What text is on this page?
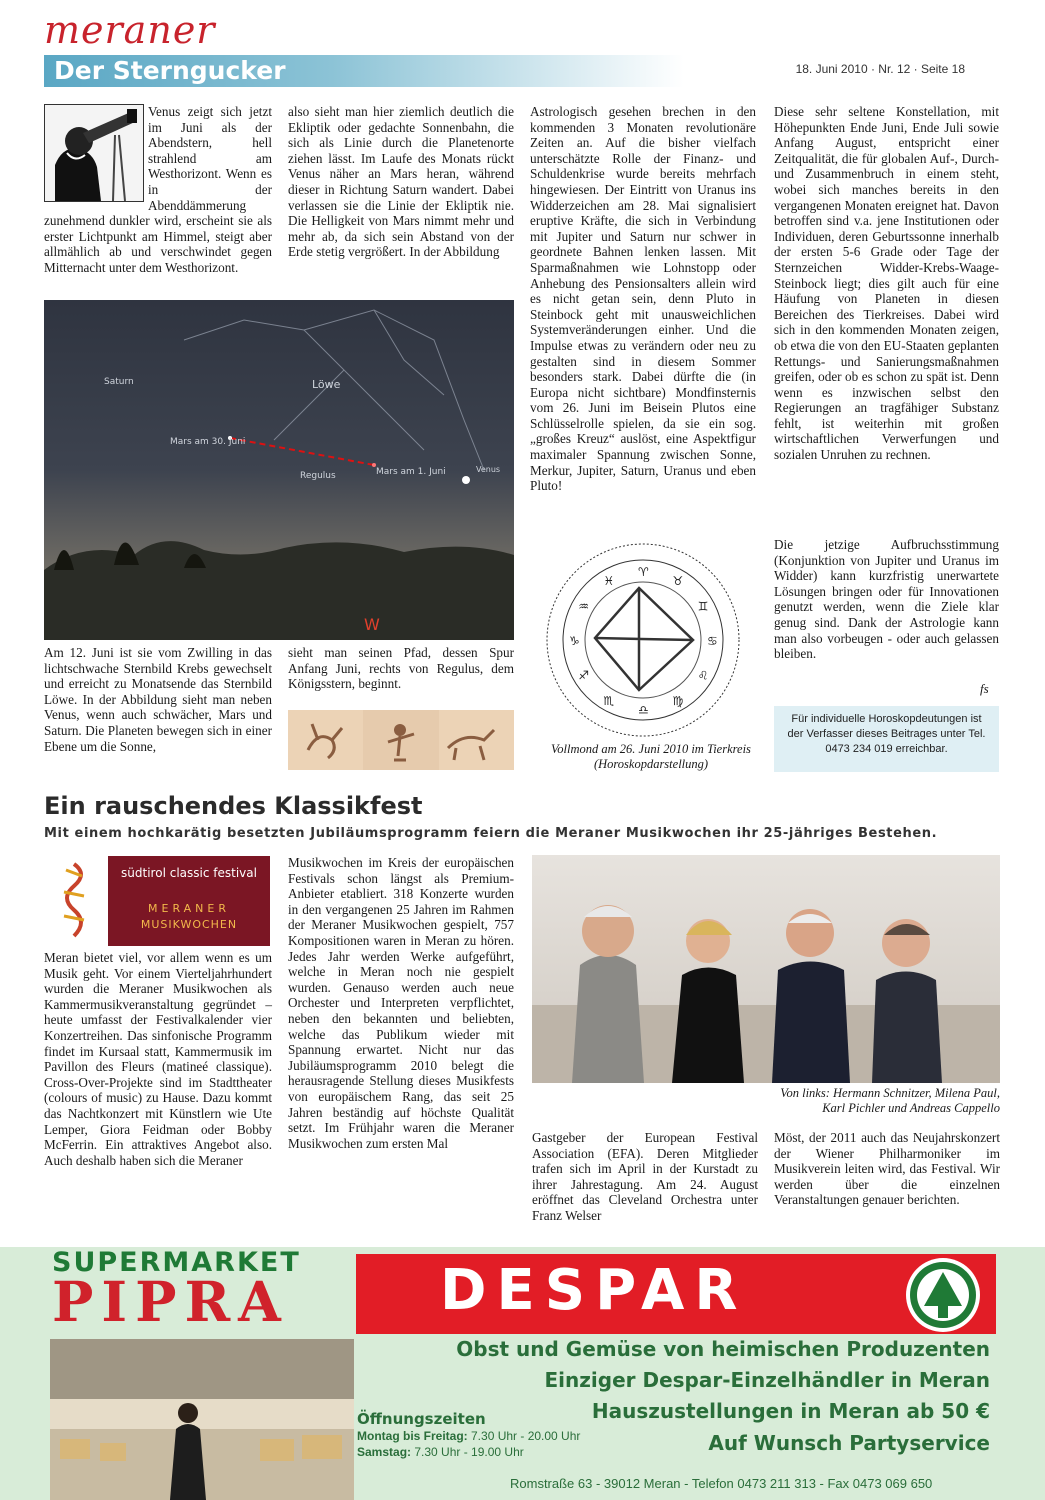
meraner
Der Sterngucker	18. Juni 2010 · Nr. 12 · Seite 18

Venus zeigt sich jetzt im Juni als der Abendstern, hell strahlend am Westhorizont. Wenn es in der Abenddämmerung zunehmend dunkler wird, erscheint sie als erster Lichtpunkt am Himmel, steigt aber allmählich ab und verschwindet gegen Mitternacht unter dem Westhorizont.

also sieht man hier ziemlich deutlich die Ekliptik oder gedachte Sonnenbahn, die sich als Linie durch die Planetenorte ziehen lässt. Im Laufe des Monats rückt Venus näher an Mars heran, während dieser in Richtung Saturn wandert. Dabei verlassen sie die Linie der Ekliptik nie. Die Helligkeit von Mars nimmt mehr und mehr ab, da sich sein Abstand von der Erde stetig vergrößert. In der Abbildung
Saturn	Löwe
Mars am 30. Juni
Regulus	Mars am 1. Juni	Venus
W
Am 12. Juni ist sie vom Zwilling in das lichtschwache Sternbild Krebs gewechselt und erreicht zu Monatsende das Sternbild Löwe. In der Abbildung sieht man neben Venus, wenn auch schwächer, Mars und Saturn. Die Planeten bewegen sich in einer Ebene um die Sonne,
sieht man seinen Pfad, dessen Spur Anfang Juni, rechts von Regulus, dem Königsstern, beginnt.
Astrologisch gesehen brechen in den kommenden 3 Monaten revolutionäre Zeiten an. Auf die bisher vielfach unterschätzte Rolle der Finanz- und Schuldenkrise wurde bereits mehrfach hingewiesen. Der Eintritt von Uranus ins Widderzeichen am 28. Mai signalisiert eruptive Kräfte, die sich in Verbindung mit Jupiter und Saturn nur schwer in geordnete Bahnen lenken lassen. Mit Sparmaßnahmen wie Lohnstopp oder Anhebung des Pensionsalters allein wird es nicht getan sein, denn Pluto in Steinbock geht mit unausweichlichen Systemveränderungen einher. Und die Impulse etwas zu verändern oder neu zu gestalten sind in diesem Sommer besonders stark. Dabei dürfte die (in Europa nicht sichtbare) Mondfinsternis vom 26. Juni im Beisein Plutos eine Schlüsselrolle spielen, da sie ein sog. „großes Kreuz“ auslöst, eine Aspektfigur maximaler Spannung zwischen Sonne, Merkur, Jupiter, Saturn, Uranus und eben Pluto!
♈
♉
♊
♋
♌
♍
♎
♏
♐
♑
♒
♓
Vollmond am 26. Juni 2010 im Tierkreis (Horoskopdarstellung)
Diese sehr seltene Konstellation, mit Höhepunkten Ende Juni, Ende Juli sowie Anfang August, entspricht einer Zeitqualität, die für globalen Auf-, Durch- und Zusammenbruch in einem steht, wobei sich manches bereits in den vergangenen Monaten ereignet hat. Davon betroffen sind v.a. jene Institutionen oder Individuen, deren Geburtssonne innerhalb der ersten 5-6 Grade oder Tage der Sternzeichen Widder-Krebs-Waage-Steinbock liegt; dies gilt auch für eine Häufung von Planeten in diesen Bereichen des Tierkreises. Dabei wird sich in den kommenden Monaten zeigen, ob etwa die von den EU-Staaten geplanten Rettungs- und Sanierungsmaßnahmen greifen, oder ob es schon zu spät ist. Denn wenn es inzwischen selbst den Regierungen an tragfähiger Substanz fehlt, ist weiterhin mit großen wirtschaftlichen Verwerfungen und sozialen Unruhen zu rechnen.
Die jetzige Aufbruchsstimmung (Konjunktion von Jupiter und Uranus im Widder) kann kurzfristig unerwartete Lösungen bringen oder für Innovationen genutzt werden, wenn die Ziele klar genug sind. Dank der Astrologie kann man also vorbeugen - oder auch gelassen bleiben.
fs
Für individuelle Horoskopdeutungen ist der Verfasser dieses Beitrages unter Tel. 0473 234 019 erreichbar.
Ein rauschendes Klassikfest
Mit einem hochkarätig besetzten Jubiläumsprogramm feiern die Meraner Musikwochen ihr 25-jähriges Bestehen.
südtirol classic festival
MERANER
MUSIKWOCHEN
Meran bietet viel, vor allem wenn es um Musik geht. Vor einem Vierteljahrhundert wurden die Meraner Musikwochen als Kammermusikveranstaltung gegründet – heute umfasst der Festivalkalender vier Konzertreihen. Das sinfonische Programm findet im Kursaal statt, Kammermusik im Pavillon des Fleurs (matineé classique). Cross-Over-Projekte sind im Stadttheater (colours of music) zu Hause. Dazu kommt das Nachtkonzert mit Künstlern wie Ute Lemper, Giora Feidman oder Bobby McFerrin. Ein attraktives Angebot also. Auch deshalb haben sich die Meraner
Musikwochen im Kreis der europäischen Festivals schon längst als Premium-Anbieter etabliert. 318 Konzerte wurden in den vergangenen 25 Jahren im Rahmen der Meraner Musikwochen gespielt, 757 Kompositionen waren in Meran zu hören. Jedes Jahr werden Werke aufgeführt, welche in Meran noch nie gespielt wurden. Genauso werden auch neue Orchester und Interpreten verpflichtet, neben den bekannten und beliebten, welche das Publikum wieder mit Spannung erwartet. Nicht nur das Jubiläumsprogramm 2010 belegt die herausragende Stellung dieses Musikfests von europäischem Rang, das seit 25 Jahren beständig auf höchste Qualität setzt. Im Frühjahr waren die Meraner Musikwochen zum ersten Mal
Von links: Hermann Schnitzer, Milena Paul,
Karl Pichler und Andreas Cappello
Gastgeber der European Festival Association (EFA). Deren Mitglieder trafen sich im April in der Kurstadt zu ihrer Jahrestagung. Am 24. August eröffnet das Cleveland Orchestra unter Franz Welser
Möst, der 2011 auch das Neujahrskonzert der Wiener Philharmoniker im Musikverein leiten wird, das Festival. Wir werden über die einzelnen Veranstaltungen genauer berichten.
SUPERMARKET
PIPRA	DESPAR
Obst und Gemüse von heimischen Produzenten
Einziger Despar-Einzelhändler in Meran
Hauszustellungen in Meran ab 50 €
Auf Wunsch Partyservice
Öffnungszeiten
Montag bis Freitag: 7.30 Uhr - 20.00 Uhr
Samstag: 7.30 Uhr - 19.00 Uhr
Romstraße 63 - 39012 Meran - Telefon 0473 211 313 - Fax 0473 069 650
